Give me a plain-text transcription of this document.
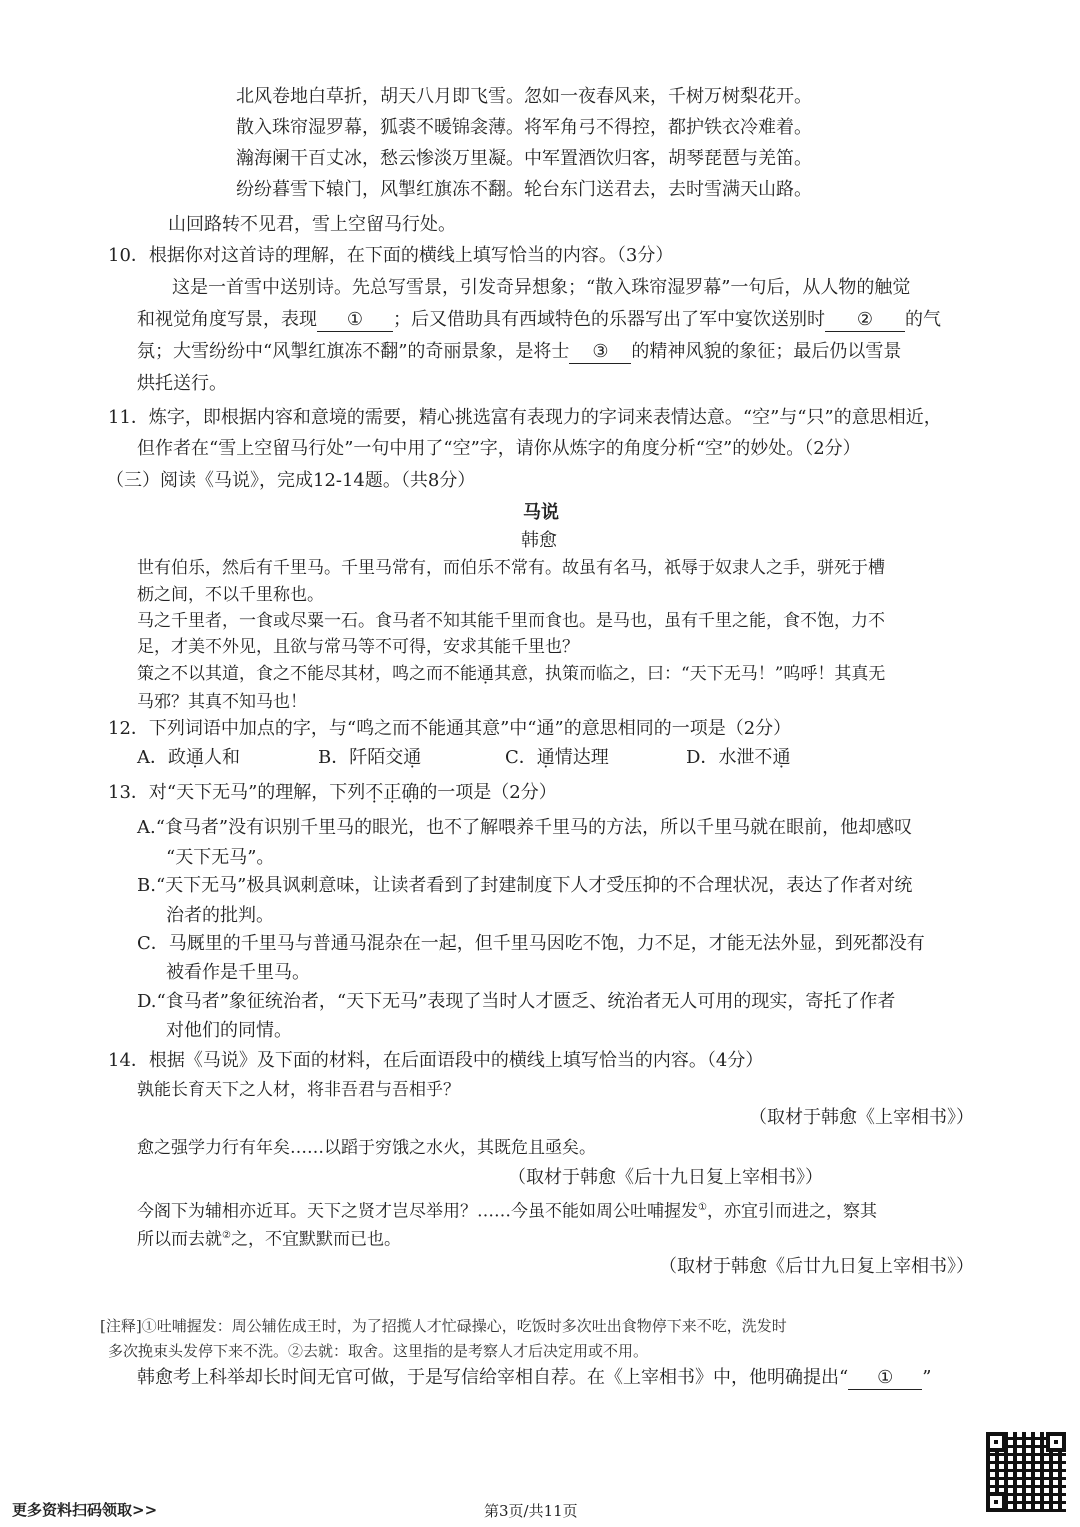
北风卷地白草折，胡天八月即飞雪。忽如一夜春风来，千树万树梨花开。
散入珠帘湿罗幕，狐裘不暖锦衾薄。将军角弓不得控，都护铁衣冷难着。
瀚海阑干百丈冰，愁云惨淡万里凝。中军置酒饮归客，胡琴琵琶与羌笛。
纷纷暮雪下辕门，风掣红旗冻不翻。轮台东门送君去，去时雪满天山路。
山回路转不见君，雪上空留马行处。
10．根据你对这首诗的理解，在下面的横线上填写恰当的内容。（3分）
这是一首雪中送别诗。先总写雪景，引发奇异想象；“散入珠帘湿罗幕”一句后，从人物的触觉
和视觉角度写景，表现 ① ；后又借助具有西域特色的乐器写出了军中宴饮送别时 ② 的气
氛；大雪纷纷中“风掣红旗冻不翻”的奇丽景象，是将士 ③ 的精神风貌的象征；最后仍以雪景
烘托送行。
11．炼字，即根据内容和意境的需要，精心挑选富有表现力的字词来表情达意。“空”与“只”的意思相近，
但作者在“雪上空留马行处”一句中用了“空”字，请你从炼字的角度分析“空”的妙处。（2分）
（三）阅读《马说》，完成12-14题。（共8分）
马说
韩愈
世有伯乐，然后有千里马。千里马常有，而伯乐不常有。故虽有名马，祇辱于奴隶人之手，骈死于槽
枥之间，不以千里称也。
马之千里者，一食或尽粟一石。食马者不知其能千里而食也。是马也，虽有千里之能，食不饱，力不
足，才美不外见，且欲与常马等不可得，安求其能千里也？
策之不以其道，食之不能尽其材，鸣之而不能通其意，执策而临之，曰：“天下无马！”呜呼！其真无
马邪？其真不知马也！
12．下列词语中加点的字，与“鸣之而不能通其意”中“通”的意思相同的一项是（2分）
A．政通人和	B．阡陌交通	C．通情达理	D．水泄不通
13．对“天下无马”的理解，下列不正确的一项是（2分）
A.“食马者”没有识别千里马的眼光，也不了解喂养千里马的方法，所以千里马就在眼前，他却感叹
“天下无马”。
B.“天下无马”极具讽刺意味，让读者看到了封建制度下人才受压抑的不合理状况，表达了作者对统
治者的批判。
C．马厩里的千里马与普通马混杂在一起，但千里马因吃不饱，力不足，才能无法外显，到死都没有
被看作是千里马。
D.“食马者”象征统治者，“天下无马”表现了当时人才匮乏、统治者无人可用的现实，寄托了作者
对他们的同情。
14．根据《马说》及下面的材料，在后面语段中的横线上填写恰当的内容。（4分）
孰能长育天下之人材，将非吾君与吾相乎？
（取材于韩愈《上宰相书》）
愈之强学力行有年矣……以蹈于穷饿之水火，其既危且亟矣。
（取材于韩愈《后十九日复上宰相书》）
今阁下为辅相亦近耳。天下之贤才岂尽举用？……今虽不能如周公吐哺握发①，亦宜引而进之，察其
所以而去就②之，不宜默默而已也。
（取材于韩愈《后廿九日复上宰相书》）
[注释]①吐哺握发：周公辅佐成王时，为了招揽人才忙碌操心，吃饭时多次吐出食物停下来不吃，洗发时
多次挽束头发停下来不洗。②去就：取舍。这里指的是考察人才后决定用或不用。
韩愈考上科举却长时间无官可做，于是写信给宰相自荐。在《上宰相书》中，他明确提出“ ① ”
更多资料扫码领取>>	第3页/共11页
